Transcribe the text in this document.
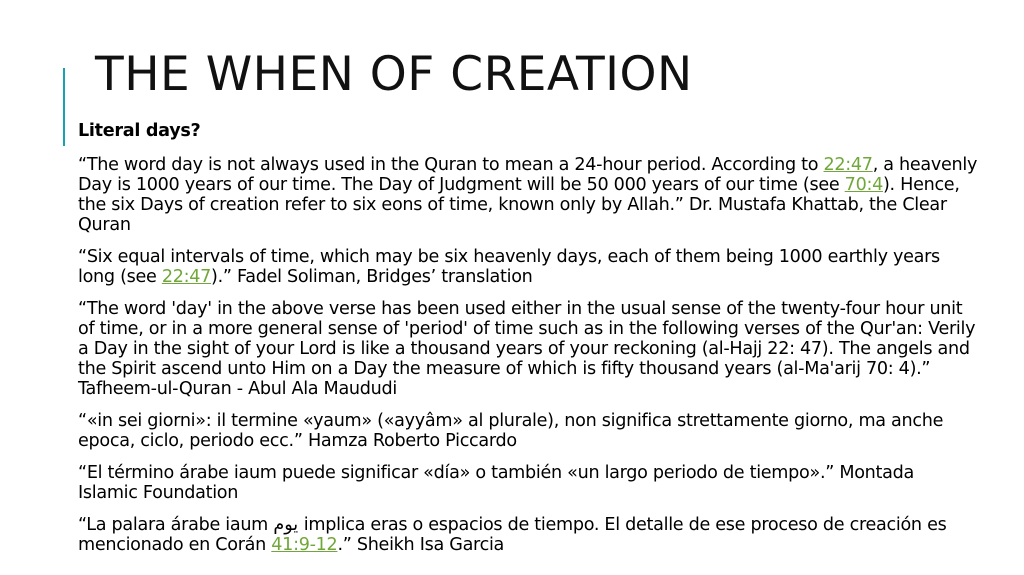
THE WHEN OF CREATION

Literal days?

“The word day is not always used in the Quran to mean a 24-hour period. According to 22:47, a heavenly Day is 1000 years of our time. The Day of Judgment will be 50 000 years of our time (see 70:4). Hence, the six Days of creation refer to six eons of time, known only by Allah.” Dr. Mustafa Khattab, the Clear Quran

“Six equal intervals of time, which may be six heavenly days, each of them being 1000 earthly years long (see 22:47).” Fadel Soliman, Bridges’ translation

“The word 'day' in the above verse has been used either in the usual sense of the twenty-four hour unit of time, or in a more general sense of 'period' of time such as in the following verses of the Qur'an: Verily a Day in the sight of your Lord is like a thousand years of your reckoning (al-Hajj 22: 47). The angels and the Spirit ascend unto Him on a Day the measure of which is fifty thousand years (al-Ma'arij 70: 4).” Tafheem-ul-Quran - Abul Ala Maududi

“«in sei giorni»: il termine «yaum» («ayyâm» al plurale), non significa strettamente giorno, ma anche epoca, ciclo, periodo ecc.” Hamza Roberto Piccardo

“El término árabe iaum puede significar «día» o también «un largo periodo de tiempo».” Montada Islamic Foundation

“La palara árabe iaum يوم implica eras o espacios de tiempo. El detalle de ese proceso de creación es mencionado en Corán 41:9-12.” Sheikh Isa Garcia
